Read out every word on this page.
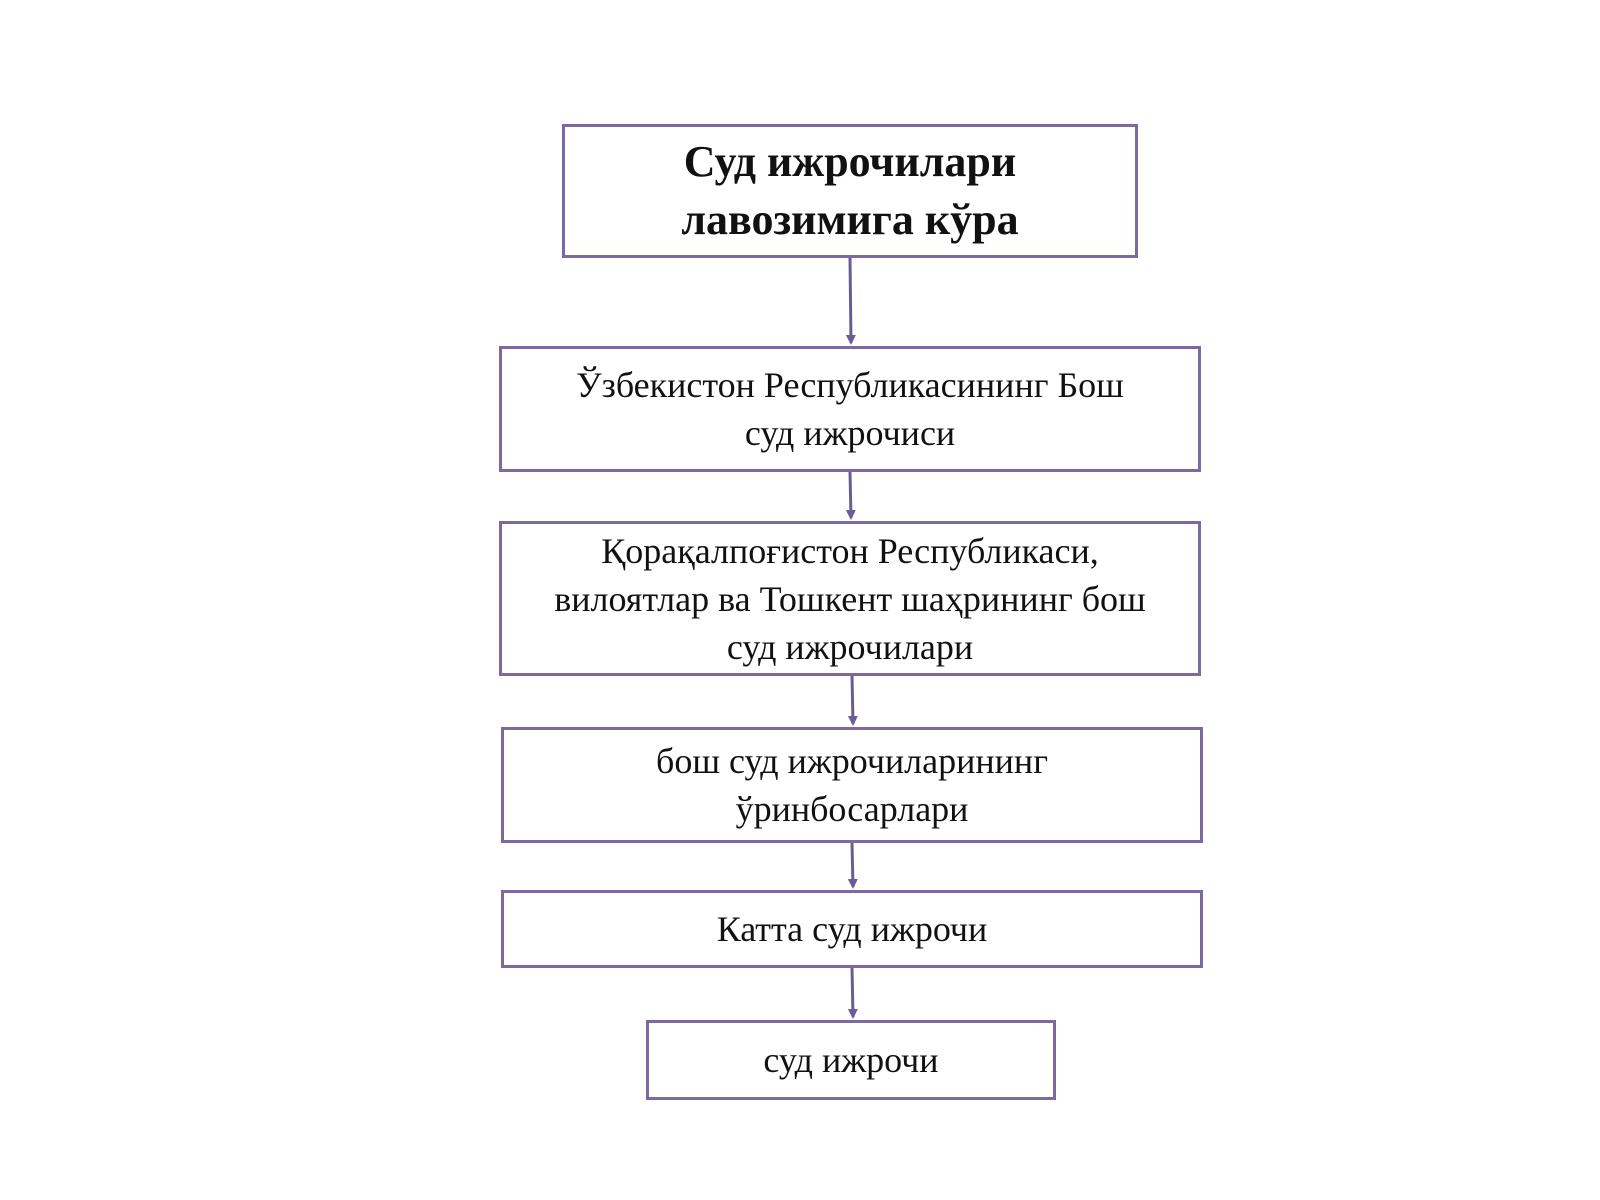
Суд ижрочилари
лавозимига кўра
Ўзбекистон Республикасининг Бош
суд ижрочиси
Қорақалпоғистон Республикаси,
вилоятлар ва Тошкент шаҳрининг бош
суд ижрочилари
бош суд ижрочиларининг
ўринбосарлари
Катта суд ижрочи
суд ижрочи
